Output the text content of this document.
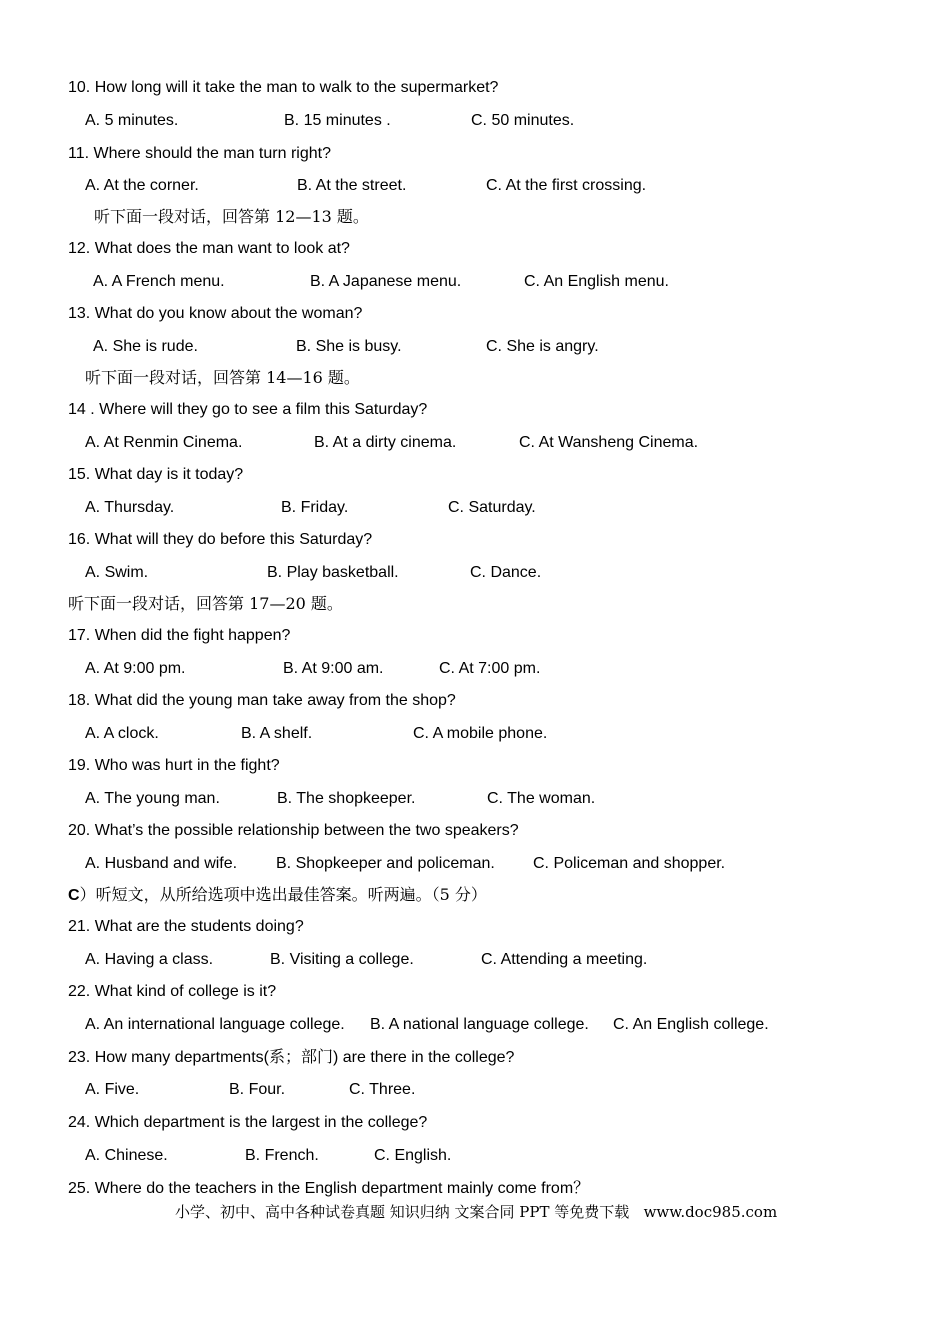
10. How long will it take the man to walk to the supermarket?
A. 5 minutes.	B. 15 minutes .	C. 50 minutes.
11. Where should the man turn right?
A. At the corner.	B. At the street.	C. At the first crossing.
听下面一段对话，回答第 12—13 题。
12. What does the man want to look at?
A. A French menu.	B. A Japanese menu.	C. An English menu.
13. What do you know about the woman?
A. She is rude.	B. She is busy.	C. She is angry.
听下面一段对话，回答第 14—16 题。
14 . Where will they go to see a film this Saturday?
A. At Renmin Cinema.	B. At a dirty cinema.	C. At Wansheng Cinema.
15. What day is it today?
A. Thursday.	B. Friday.	C. Saturday.
16. What will they do before this Saturday?
A. Swim.	B. Play basketball.	C. Dance.
听下面一段对话，回答第 17—20 题。
17. When did the fight happen?
A. At 9:00 pm.	B. At 9:00 am.	C. At 7:00 pm.
18. What did the young man take away from the shop?
A. A clock.	B. A shelf.	C. A mobile phone.
19. Who was hurt in the fight?
A. The young man.	B. The shopkeeper.	C. The woman.
20. What’s the possible relationship between the two speakers?
A. Husband and wife. B. Shopkeeper and policeman. C. Policeman and shopper.
C）听短文，从所给选项中选出最佳答案。听两遍。（5 分）
21. What are the students doing?
A. Having a class.	B. Visiting a college.	C. Attending a meeting.
22. What kind of college is it?
A. An international language college. B. A national language college. C. An English college.
23. How many departments(系；部门) are there in the college?
A. Five.	B. Four.	C. Three.
24. Which department is the largest in the college?
A. Chinese.	B. French.	C. English.
25. Where do the teachers in the English department mainly come from？
小学、初中、高中各种试卷真题 知识归纳 文案合同 PPT 等免费下载 www.doc985.com
